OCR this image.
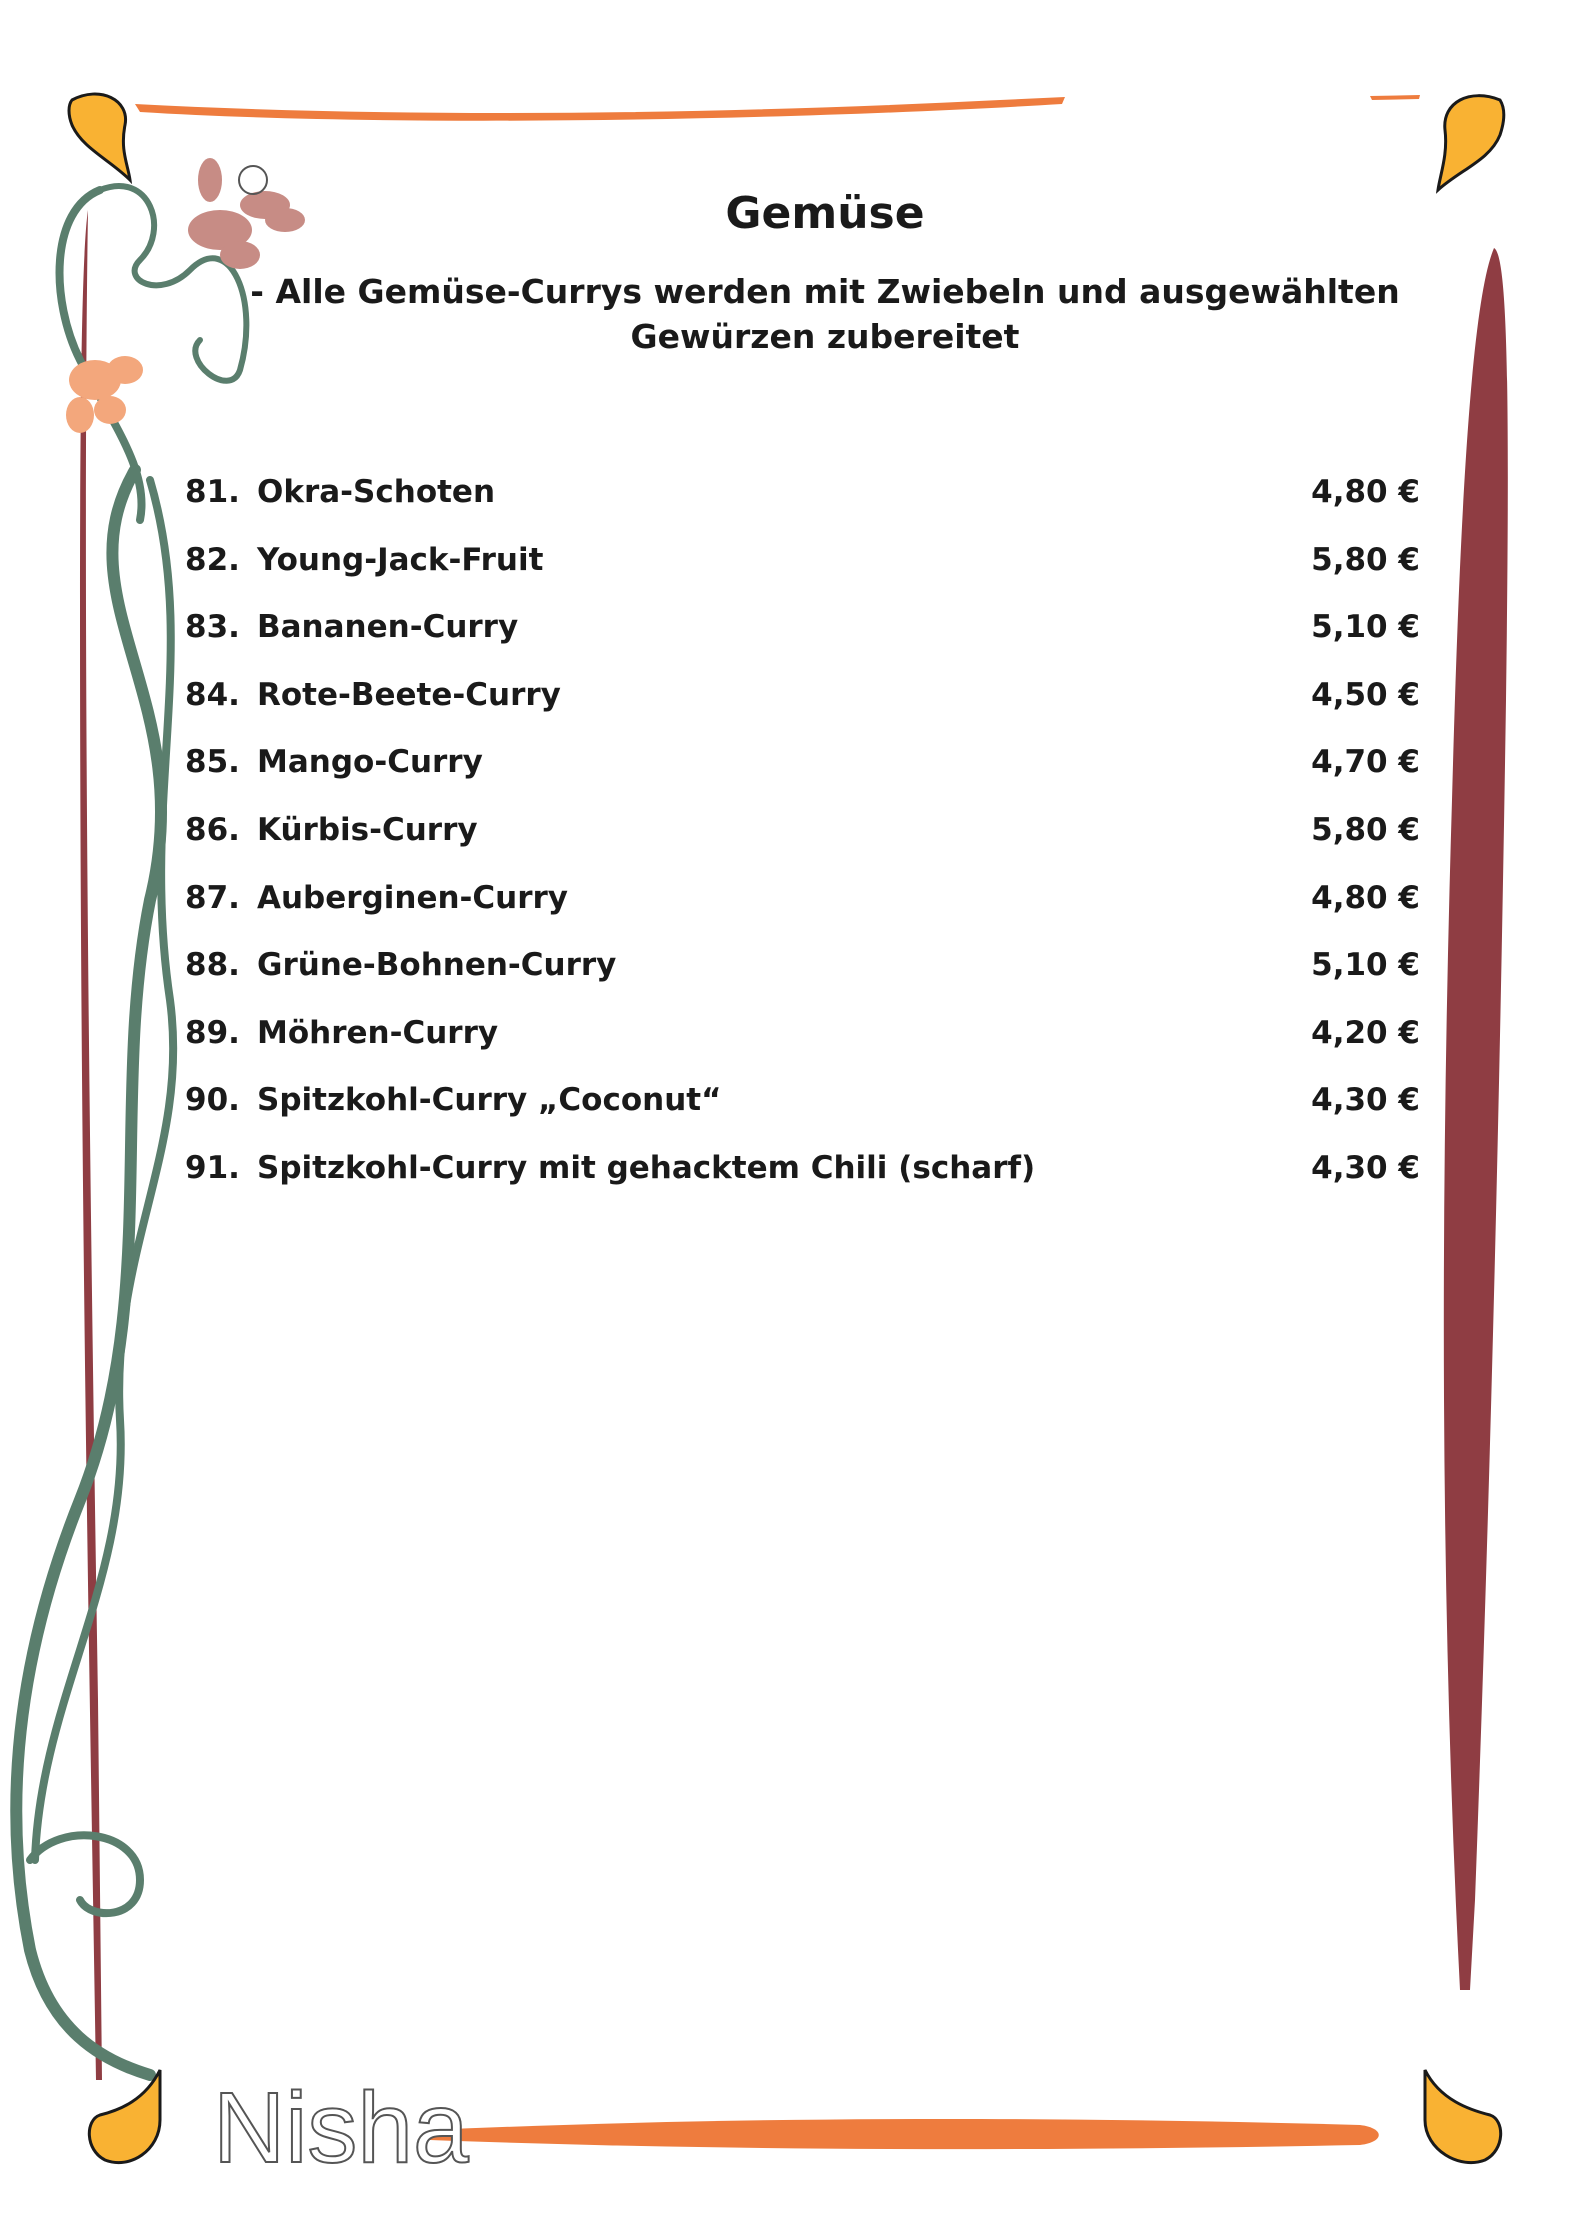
Nisha
Gemüse
- Alle Gemüse-Currys werden mit Zwiebeln und ausgewählten
Gewürzen zubereitet
81. Okra-Schoten	4,80 €
82. Young-Jack-Fruit	5,80 €
83. Bananen-Curry	5,10 €
84. Rote-Beete-Curry	4,50 €
85. Mango-Curry	4,70 €
86. Kürbis-Curry	5,80 €
87. Auberginen-Curry	4,80 €
88. Grüne-Bohnen-Curry	5,10 €
89. Möhren-Curry	4,20 €
90. Spitzkohl-Curry „Coconut“	4,30 €
91. Spitzkohl-Curry mit gehacktem Chili (scharf)	4,30 €
